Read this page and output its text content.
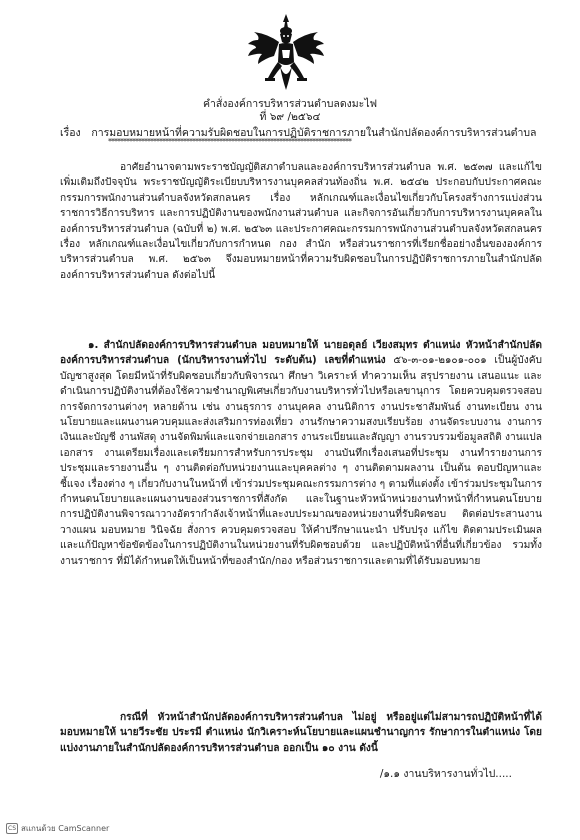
คำสั่งองค์การบริหารส่วนตำบลดงมะไฟ
ที่ ๖๙ /๒๕๖๔
เรื่อง การมอบหมายหน้าที่ความรับผิดชอบในการปฏิบัติราชการภายในสำนักปลัดองค์การบริหารส่วนตำบล
*********************************************************************************
อาศัยอำนาจตามพระราชบัญญัติสภาตำบลและองค์การบริหารส่วนตำบล พ.ศ. ๒๕๓๗ และแก้ไขเพิ่มเติมถึงปัจจุบัน พระราชบัญญัติระเบียบบริหารงานบุคคลส่วนท้องถิ่น พ.ศ. ๒๕๔๒ ประกอบกับประกาศคณะกรรมการพนักงานส่วนตำบลจังหวัดสกลนคร เรื่อง หลักเกณฑ์และเงื่อนไขเกี่ยวกับโครงสร้างการแบ่งส่วนราชการวิธีการบริหาร และการปฏิบัติงานของพนักงานส่วนตำบล และกิจการอันเกี่ยวกับการบริหารงานบุคคลในองค์การบริหารส่วนตำบล (ฉบับที่ ๒) พ.ศ. ๒๕๖๓ และประกาศคณะกรรมการพนักงานส่วนตำบลจังหวัดสกลนคร เรื่อง หลักเกณฑ์และเงื่อนไขเกี่ยวกับการกำหนด กอง สำนัก หรือส่วนราชการที่เรียกชื่ออย่างอื่นขององค์การบริหารส่วนตำบล พ.ศ. ๒๕๖๓ จึงมอบหมายหน้าที่ความรับผิดชอบในการปฏิบัติราชการภายในสำนักปลัดองค์การบริหารส่วนตำบล ดังต่อไปนี้
๑. สำนักปลัดองค์การบริหารส่วนตำบล มอบหมายให้ นายอดุลย์ เวียงสมุทร ตำแหน่ง หัวหน้าสำนักปลัดองค์การบริหารส่วนตำบล (นักบริหารงานทั่วไป ระดับต้น) เลขที่ตำแหน่ง ๕๖-๓-๐๑-๒๑๐๑-๐๐๑ เป็นผู้บังคับบัญชาสูงสุด โดยมีหน้าที่รับผิดชอบเกี่ยวกับพิจารณา ศึกษา วิเคราะห์ ทำความเห็น สรุปรายงาน เสนอแนะ และดำเนินการปฏิบัติงานที่ต้องใช้ความชำนาญพิเศษเกี่ยวกับงานบริหารทั่วไปหรือเลขานุการ โดยควบคุมตรวจสอบการจัดการงานต่างๆ หลายด้าน เช่น งานธุรการ งานบุคคล งานนิติการ งานประชาสัมพันธ์ งานทะเบียน งานนโยบายและแผนงานควบคุมและส่งเสริมการท่องเที่ยว งานรักษาความสงบเรียบร้อย งานจัดระบบงาน งานการเงินและบัญชี งานพัสดุ งานจัดพิมพ์และแจกจ่ายเอกสาร งานระเบียนและสัญญา งานรวบรวมข้อมูลสถิติ งานแปลเอกสาร งานเตรียมเรื่องและเตรียมการสำหรับการประชุม งานบันทึกเรื่องเสนอที่ประชุม งานทำรายงานการประชุมและรายงานอื่น ๆ งานติดต่อกับหน่วยงานและบุคคลต่าง ๆ งานติดตามผลงาน เป็นต้น ตอบปัญหาและชี้แจง เรื่องต่าง ๆ เกี่ยวกับงานในหน้าที่ เข้าร่วมประชุมคณะกรรมการต่าง ๆ ตามที่แต่งตั้ง เข้าร่วมประชุมในการกำหนดนโยบายและแผนงานของส่วนราชการที่สังกัด และในฐานะหัวหน้าหน่วยงานทำหน้าที่กำหนดนโยบายการปฏิบัติงานพิจารณาวางอัตรากำลังเจ้าหน้าที่และงบประมาณของหน่วยงานที่รับผิดชอบ ติดต่อประสานงานวางแผน มอบหมาย วินิจฉัย สั่งการ ควบคุมตรวจสอบ ให้คำปรึกษาแนะนำ ปรับปรุง แก้ไข ติดตามประเมินผล และแก้ปัญหาข้อขัดข้องในการปฏิบัติงานในหน่วยงานที่รับผิดชอบด้วย และปฏิบัติหน้าที่อื่นที่เกี่ยวข้อง รวมทั้งงานราชการ ที่มิได้กำหนดให้เป็นหน้าที่ของสำนัก/กอง หรือส่วนราชการและตามที่ได้รับมอบหมาย
กรณีที่ หัวหน้าสำนักปลัดองค์การบริหารส่วนตำบล ไม่อยู่ หรืออยู่แต่ไม่สามารถปฏิบัติหน้าที่ได้ มอบหมายให้ นายวีระชัย ประรมี ตำแหน่ง นักวิเคราะห์นโยบายและแผนชำนาญการ รักษาการในตำแหน่ง โดยแบ่งงานภายในสำนักปลัดองค์การบริหารส่วนตำบล ออกเป็น ๑๐ งาน ดังนี้
/๑.๑ งานบริหารงานทั่วไป.....
CS สแกนด้วย CamScanner
